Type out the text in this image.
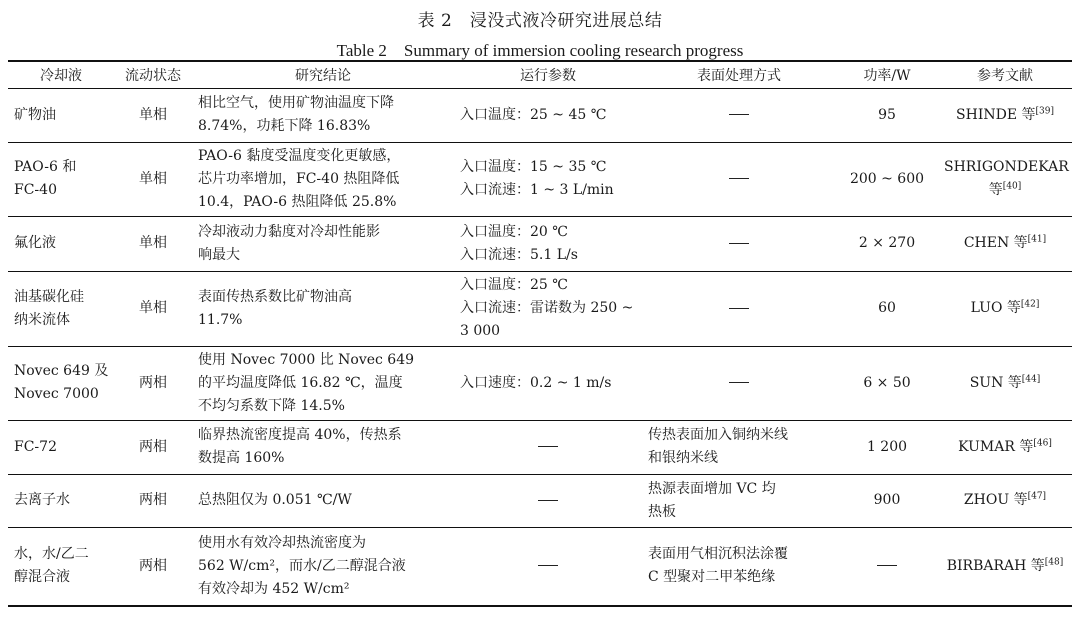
表 2　浸没式液冷研究进展总结
Table 2　Summary of immersion cooling research progress
冷却液	流动状态	研究结论	运行参数	表面处理方式	功率/W	参考文献

矿物油	单相	相比空气，使用矿物油温度下降
8.74%，功耗下降 16.83%	入口温度：25 ~ 45 ℃		95	SHINDE 等[39]

PAO-6 和
FC-40	单相	PAO-6 黏度受温度变化更敏感，
芯片功率增加，FC-40 热阻降低
10.4，PAO-6 热阻降低 25.8%	入口温度：15 ~ 35 ℃
入口流速：1 ~ 3 L/min		200 ~ 600	SHRIGONDEKAR
等[40]

氟化液	单相	冷却液动力黏度对冷却性能影
响最大	入口温度：20 ℃
入口流速：5.1 L/s		2 × 270	CHEN 等[41]

油基碳化硅
纳米流体	单相	表面传热系数比矿物油高
11.7%	入口温度：25 ℃
入口流速：雷诺数为 250 ~
3 000		60	LUO 等[42]

Novec 649 及
Novec 7000	两相	使用 Novec 7000 比 Novec 649
的平均温度降低 16.82 ℃，温度
不均匀系数下降 14.5%	入口速度：0.2 ~ 1 m/s		6 × 50	SUN 等[44]

FC-72	两相	临界热流密度提高 40%，传热系
数提高 160%		传热表面加入铜纳米线
和银纳米线	1 200	KUMAR 等[46]

去离子水	两相	总热阻仅为 0.051 ℃/W		热源表面增加 VC 均
热板	900	ZHOU 等[47]

水，水/乙二
醇混合液	两相	使用水有效冷却热流密度为
562 W/cm²，而水/乙二醇混合液
有效冷却为 452 W/cm²		表面用气相沉积法涂覆
C 型聚对二甲苯绝缘		BIRBARAH 等[48]
